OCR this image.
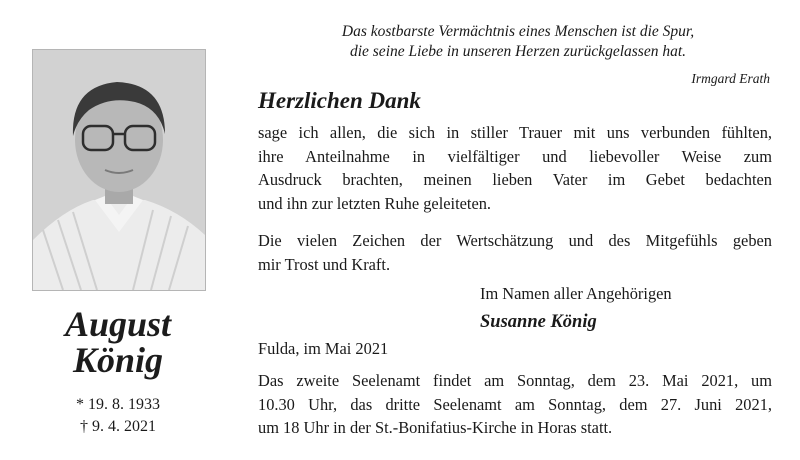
August
König
* 19. 8. 1933
† 9. 4. 2021
Das kostbarste Vermächtnis eines Menschen ist die Spur,
die seine Liebe in unseren Herzen zurückgelassen hat.
Irmgard Erath
Herzlichen Dank
sage ich allen, die sich in stiller Trauer mit uns verbunden fühlten,
ihre Anteilnahme in vielfältiger und liebevoller Weise zum
Ausdruck brachten, meinen lieben Vater im Gebet bedachten
und ihn zur letzten Ruhe geleiteten.
Die vielen Zeichen der Wertschätzung und des Mitgefühls geben
mir Trost und Kraft.
Im Namen aller Angehörigen
Susanne König
Fulda, im Mai 2021
Das zweite Seelenamt findet am Sonntag, dem 23. Mai 2021, um
10.30 Uhr, das dritte Seelenamt am Sonntag, dem 27. Juni 2021,
um 18 Uhr in der St.-Bonifatius-Kirche in Horas statt.
